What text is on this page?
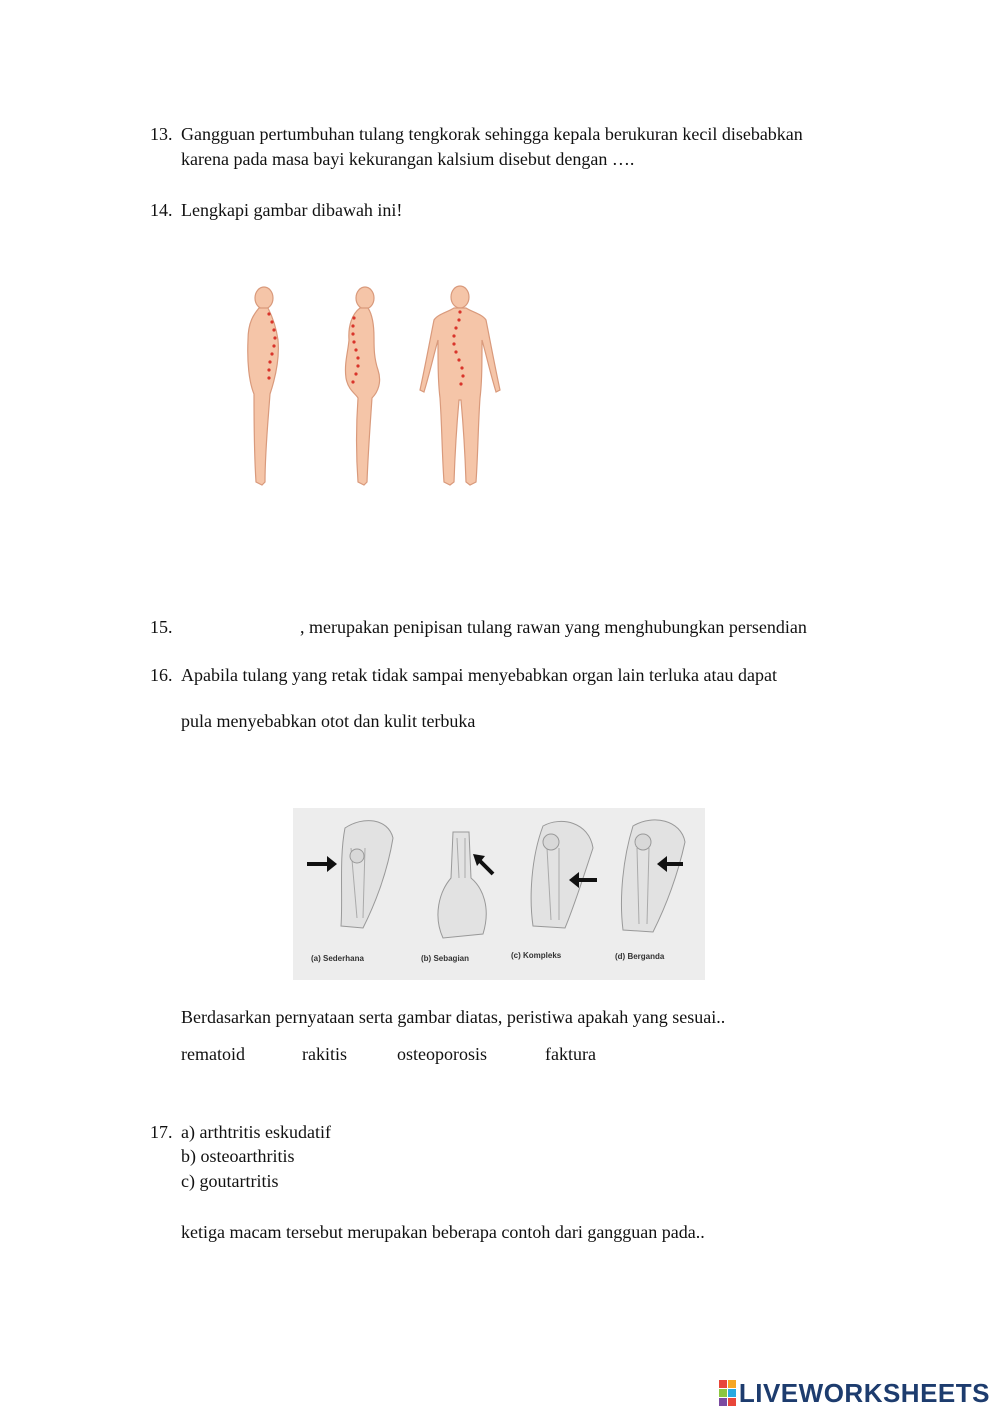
13. Gangguan pertumbuhan tulang tengkorak sehingga kepala berukuran kecil disebabkan
karena pada masa bayi kekurangan kalsium disebut dengan ….
14. Lengkapi gambar dibawah ini!
15.	, merupakan penipisan tulang rawan yang menghubungkan persendian
16. Apabila tulang yang retak tidak sampai menyebabkan organ lain terluka atau dapat
pula menyebabkan otot dan kulit terbuka
(a) Sederhana	(b) Sebagian	(c) Kompleks	(d) Berganda
Berdasarkan pernyataan serta gambar diatas, peristiwa apakah yang sesuai..
rematoid	rakitis	osteoporosis	faktura
17. a) arthtritis eskudatif
b) osteoarthritis
c) goutartritis
ketiga macam tersebut merupakan beberapa contoh dari gangguan pada..
LIVEWORKSHEETS
